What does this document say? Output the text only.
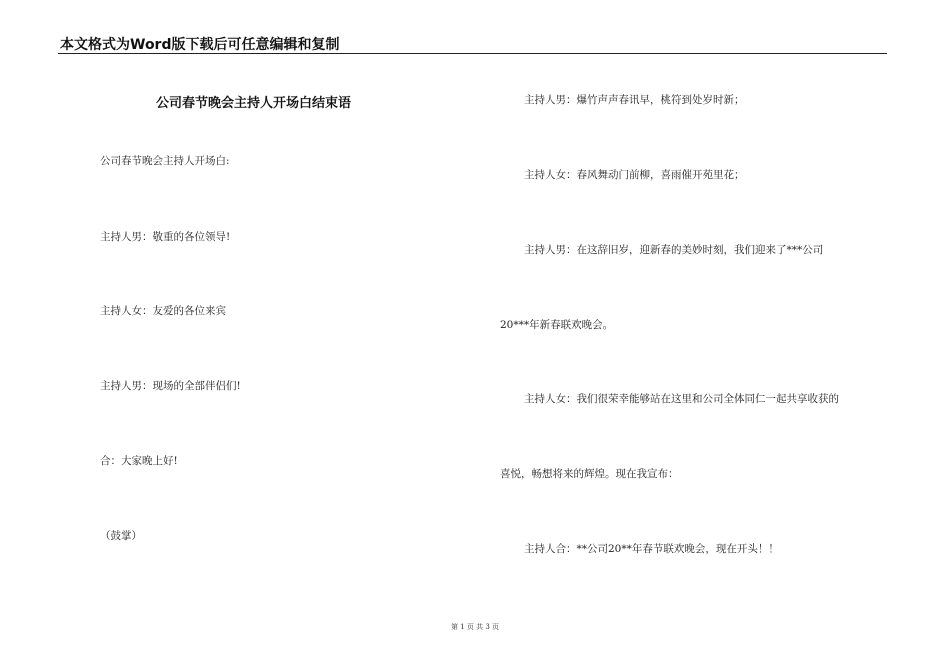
本文格式为Word版下载后可任意编辑和复制
公司春节晚会主持人开场白结束语
公司春节晚会主持人开场白:
主持人男：敬重的各位领导!
主持人女：友爱的各位来宾
主持人男：现场的全部伴侣们!
合：大家晚上好!
（鼓掌）
主持人男：爆竹声声春讯早，桃符到处岁时新；
主持人女：春风舞动门前柳，喜雨催开苑里花；
主持人男：在这辞旧岁，迎新春的美妙时刻，我们迎来了***公司
20***年新春联欢晚会。
主持人女：我们很荣幸能够站在这里和公司全体同仁一起共享收获的
喜悦，畅想将来的辉煌。现在我宣布：
主持人合：**公司20**年春节联欢晚会，现在开头！！
第 1 页 共 3 页
